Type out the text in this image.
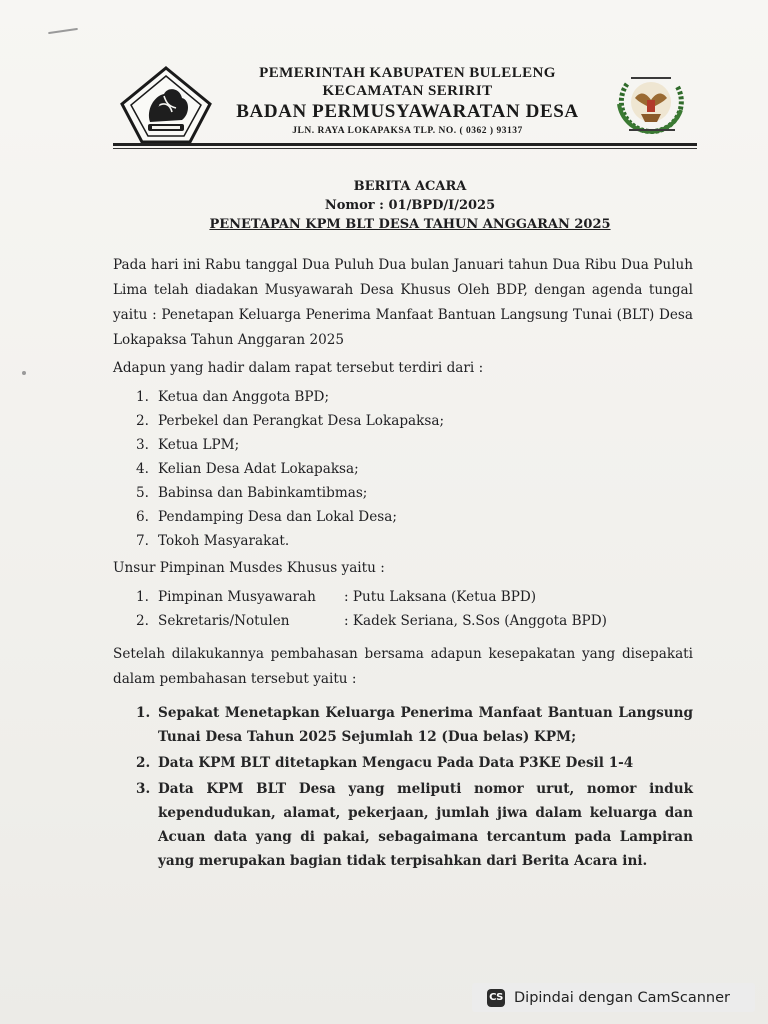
PEMERINTAH KABUPATEN BULELENG
KECAMATAN SERIRIT
BADAN PERMUSYAWARATAN DESA
JLN. RAYA LOKAPAKSA TLP. NO. ( 0362 ) 93137
BERITA ACARA
Nomor : 01/BPD/I/2025
PENETAPAN KPM BLT DESA TAHUN ANGGARAN 2025

Pada hari ini Rabu tanggal Dua Puluh Dua bulan Januari tahun Dua Ribu Dua Puluh Lima telah diadakan Musyawarah Desa Khusus Oleh BDP, dengan agenda tungal yaitu : Penetapan Keluarga Penerima Manfaat Bantuan Langsung Tunai (BLT) Desa Lokapaksa Tahun Anggaran 2025

Adapun yang hadir dalam rapat tersebut terdiri dari :

1. Ketua dan Anggota BPD;
2. Perbekel dan Perangkat Desa Lokapaksa;
3. Ketua LPM;
4. Kelian Desa Adat Lokapaksa;
5. Babinsa dan Babinkamtibmas;
6. Pendamping Desa dan Lokal Desa;
7. Tokoh Masyarakat.

Unsur Pimpinan Musdes Khusus yaitu :

1. Pimpinan Musyawarah : Putu Laksana (Ketua BPD)
2. Sekretaris/Notulen	: Kadek Seriana, S.Sos (Anggota BPD)

Setelah dilakukannya pembahasan bersama adapun kesepakatan yang disepakati dalam pembahasan tersebut yaitu :

1. Sepakat Menetapkan Keluarga Penerima Manfaat Bantuan Langsung Tunai Desa Tahun 2025 Sejumlah 12 (Dua belas) KPM;
2. Data KPM BLT ditetapkan Mengacu Pada Data P3KE Desil 1-4
3. Data KPM BLT Desa yang meliputi nomor urut, nomor induk kependudukan, alamat, pekerjaan, jumlah jiwa dalam keluarga dan Acuan data yang di pakai, sebagaimana tercantum pada Lampiran yang merupakan bagian tidak terpisahkan dari Berita Acara ini.
CS Dipindai dengan CamScanner
